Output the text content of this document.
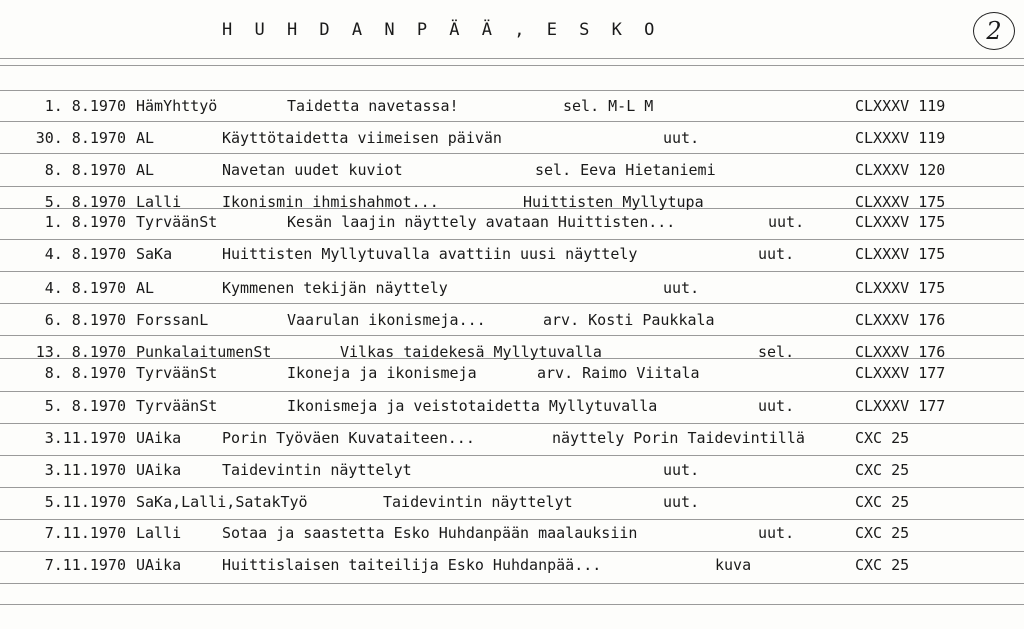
H U H D A N P Ä Ä , E S K O	2
1. 8.1970 HämYhttyö	Taidetta navetassa!	sel. M-L M	CLXXXV 119
30. 8.1970 AL	Käyttötaidetta viimeisen päivän	uut.	CLXXXV 119
8. 8.1970 AL	Navetan uudet kuviot	sel. Eeva Hietaniemi	CLXXXV 120
5. 8.1970 Lalli	Ikonismin ihmishahmot...	Huittisten Myllytupa	CLXXXV 175
1. 8.1970 TyrväänSt	Kesän laajin näyttely avataan Huittisten...	uut.	CLXXXV 175
4. 8.1970 SaKa	Huittisten Myllytuvalla avattiin uusi näyttely	uut.	CLXXXV 175
4. 8.1970 AL	Kymmenen tekijän näyttely	uut.	CLXXXV 175
6. 8.1970 ForssanL	Vaarulan ikonismeja...	arv. Kosti Paukkala	CLXXXV 176
13. 8.1970 PunkalaitumenSt	Vilkas taidekesä Myllytuvalla	sel.	CLXXXV 176
8. 8.1970 TyrväänSt	Ikoneja ja ikonismeja	arv. Raimo Viitala	CLXXXV 177
5. 8.1970 TyrväänSt	Ikonismeja ja veistotaidetta Myllytuvalla	uut.	CLXXXV 177
3.11.1970 UAika	Porin Työväen Kuvataiteen...	näyttely Porin Taidevintillä	CXC 25
3.11.1970 UAika	Taidevintin näyttelyt	uut.	CXC 25
5.11.1970 SaKa,Lalli,SatakTyö	Taidevintin näyttelyt	uut.	CXC 25
7.11.1970 Lalli	Sotaa ja saastetta Esko Huhdanpään maalauksiin	uut.	CXC 25
7.11.1970 UAika	Huittislaisen taiteilija Esko Huhdanpää...	kuva	CXC 25
